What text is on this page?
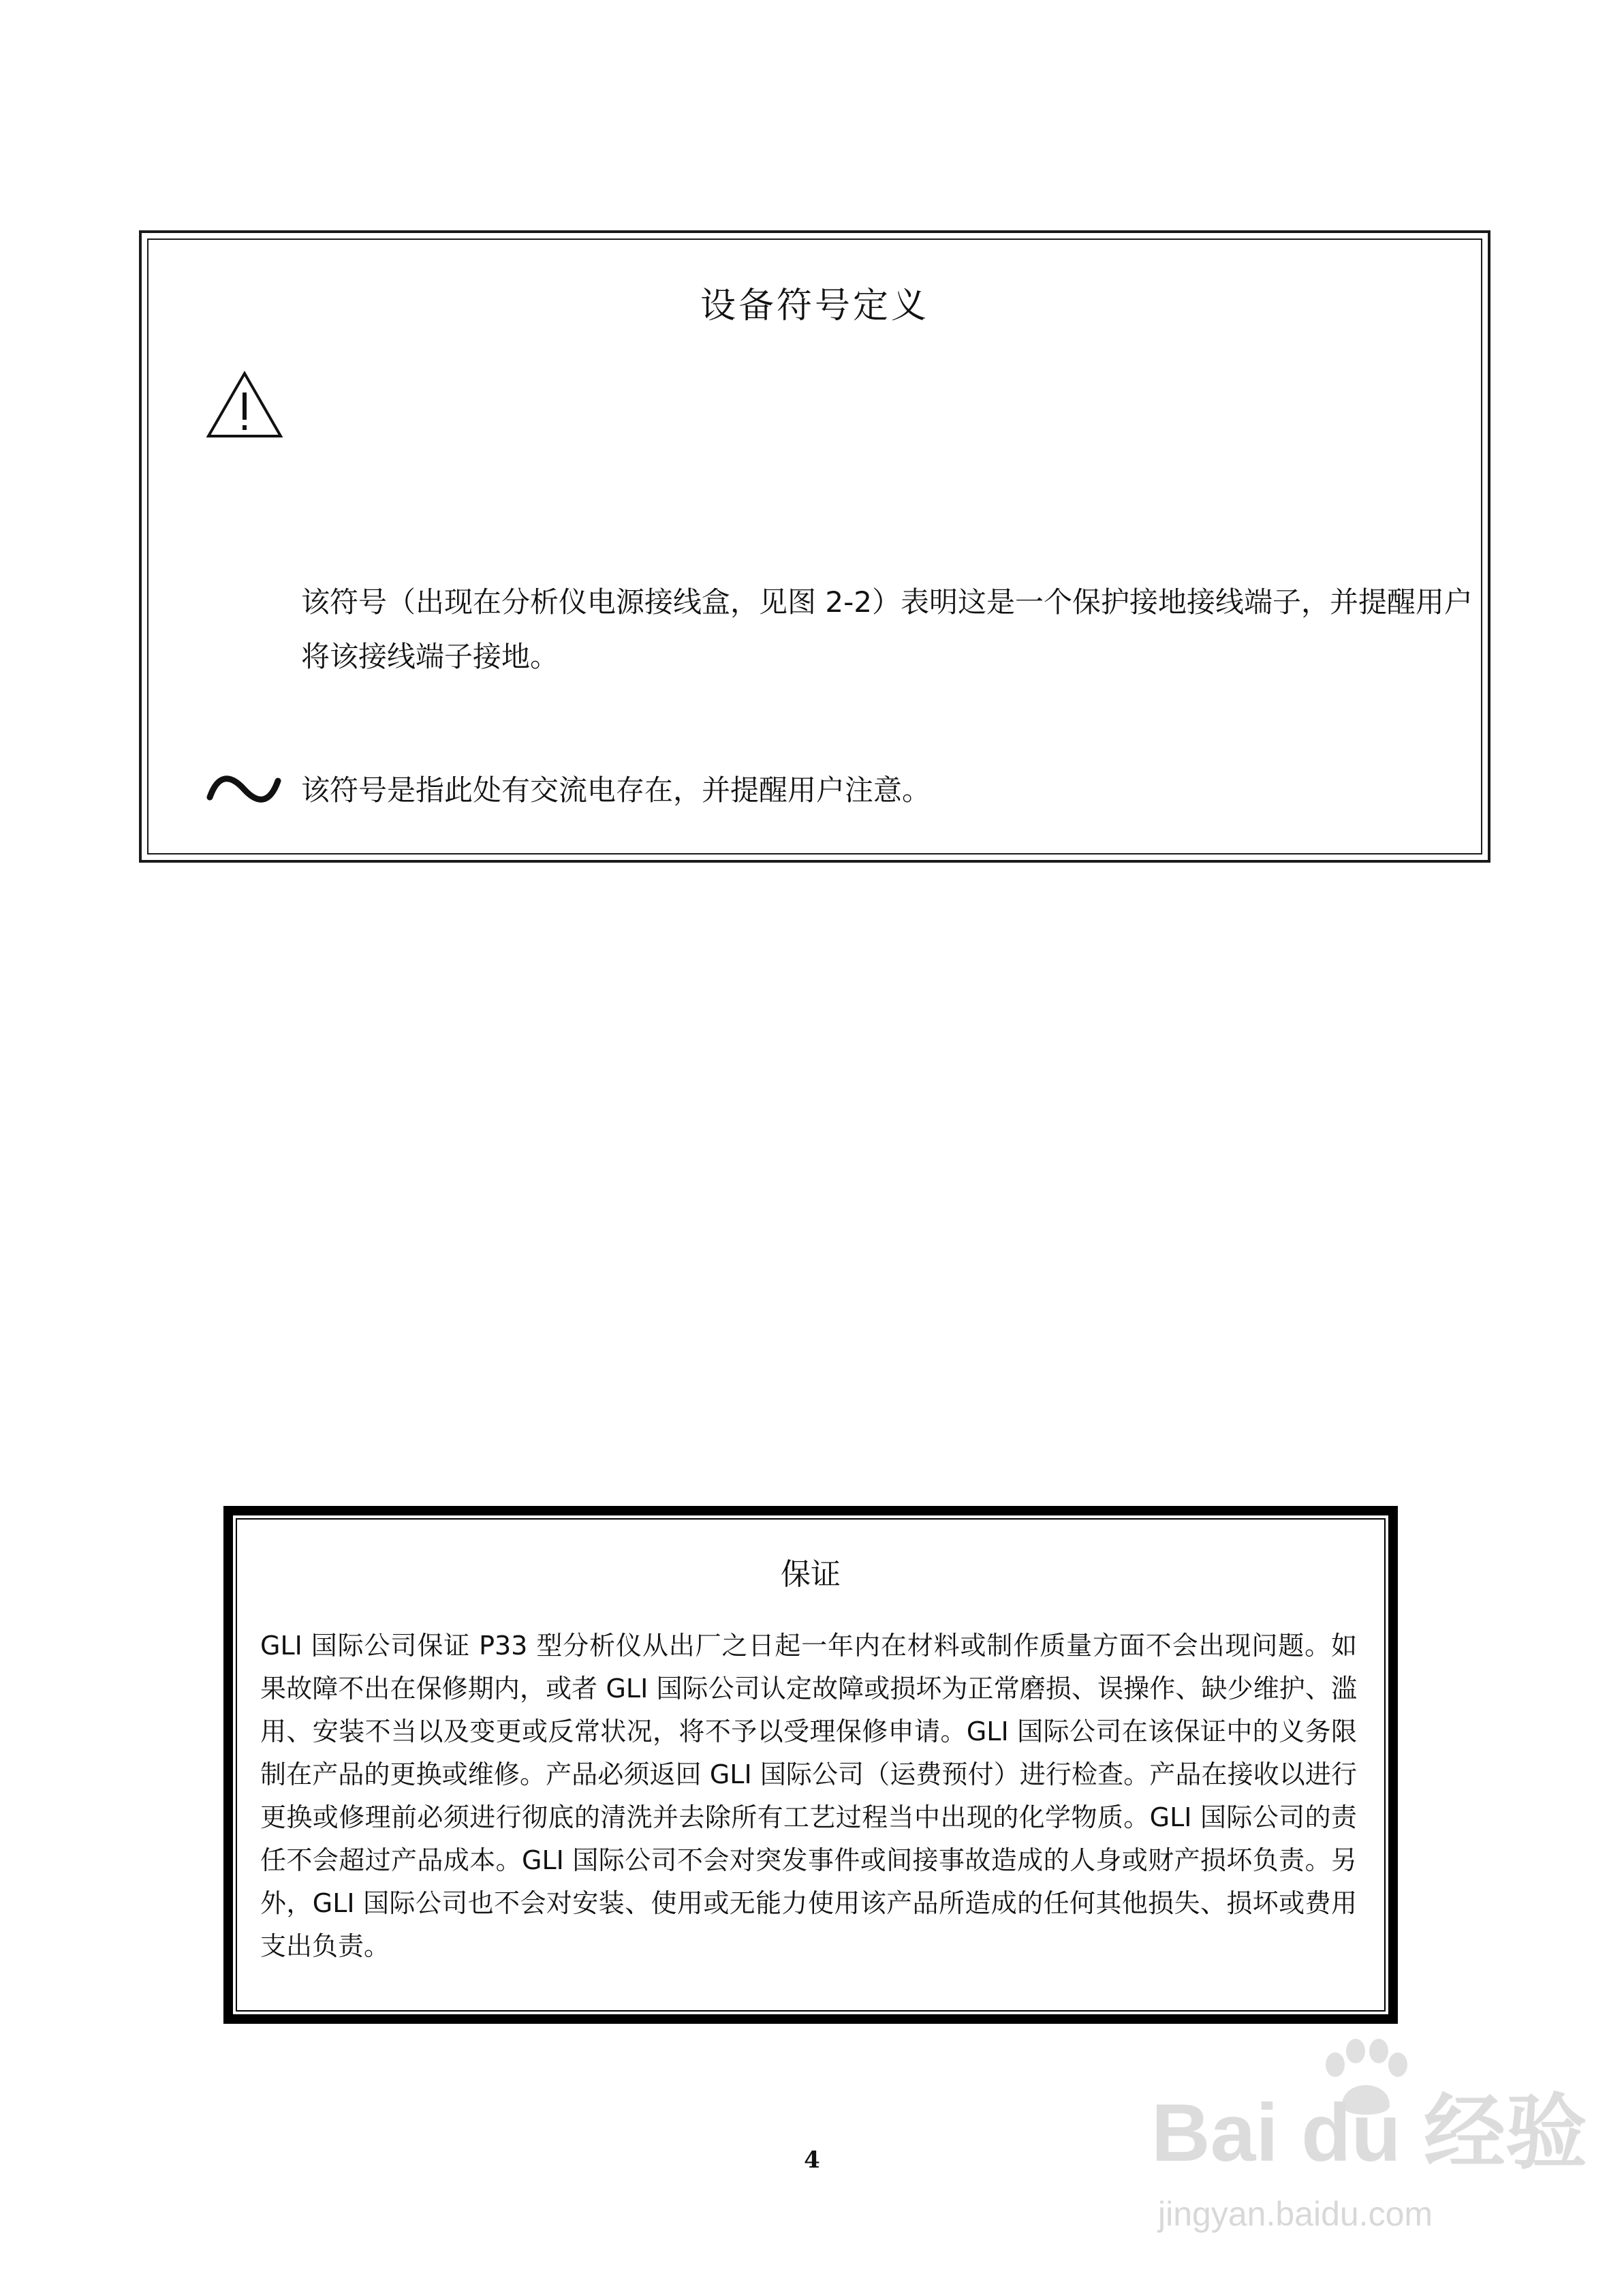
设备符号定义
该符号（出现在分析仪电源接线盒，见图 2-2）表明这是一个保护接地接线端子，并提醒用户将该接线端子接地。
该符号是指此处有交流电存在，并提醒用户注意。
保证
GLI 国际公司保证 P33 型分析仪从出厂之日起一年内在材料或制作质量方面不会出现问题。如果故障不出在保修期内，或者 GLI 国际公司认定故障或损坏为正常磨损、误操作、缺少维护、滥用、安装不当以及变更或反常状况，将不予以受理保修申请。GLI 国际公司在该保证中的义务限制在产品的更换或维修。产品必须返回 GLI 国际公司（运费预付）进行检查。产品在接收以进行更换或修理前必须进行彻底的清洗并去除所有工艺过程当中出现的化学物质。GLI 国际公司的责任不会超过产品成本。GLI 国际公司不会对突发事件或间接事故造成的人身或财产损坏负责。另外，GLI 国际公司也不会对安装、使用或无能力使用该产品所造成的任何其他损失、损坏或费用支出负责。
4	Bai du 经验
jingyan.baidu.com
